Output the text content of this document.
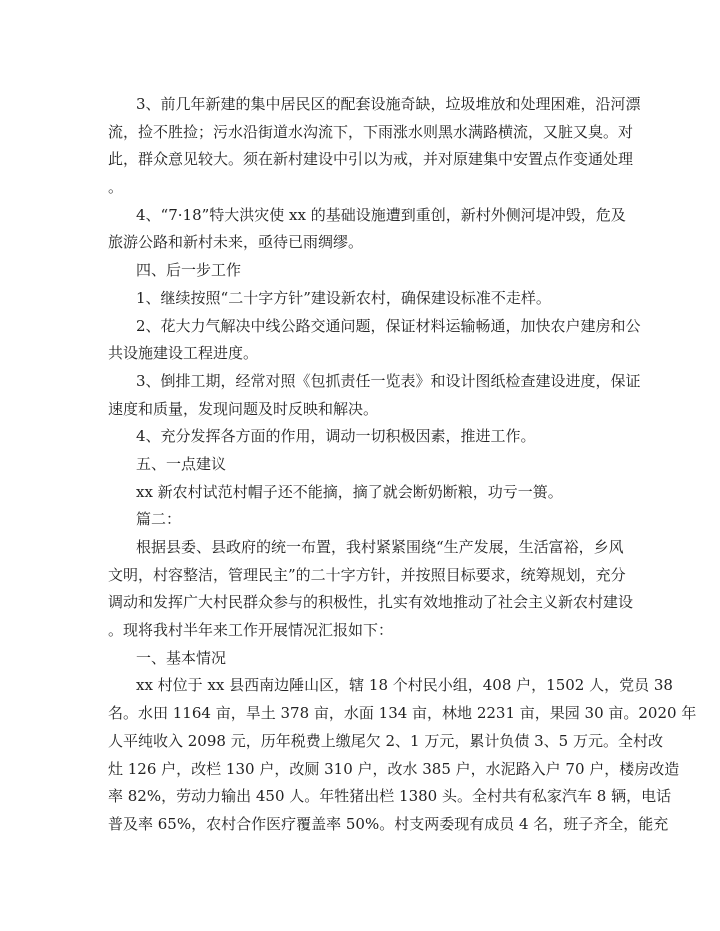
3、前几年新建的集中居民区的配套设施奇缺，垃圾堆放和处理困难，沿河漂
流，捡不胜捡；污水沿街道水沟流下，下雨涨水则黑水满路横流，又脏又臭。对
此，群众意见较大。须在新村建设中引以为戒，并对原建集中安置点作变通处理
。
4、“7·18”特大洪灾使 xx 的基础设施遭到重创，新村外侧河堤冲毁，危及
旅游公路和新村未来，亟待已雨绸缪。
四、后一步工作
1、继续按照“二十字方针”建设新农村，确保建设标准不走样。
2、花大力气解决中线公路交通问题，保证材料运输畅通，加快农户建房和公
共设施建设工程进度。
3、倒排工期，经常对照《包抓责任一览表》和设计图纸检查建设进度，保证
速度和质量，发现问题及时反映和解决。
4、充分发挥各方面的作用，调动一切积极因素，推进工作。
五、一点建议
xx 新农村试范村帽子还不能摘，摘了就会断奶断粮，功亏一篑。
篇二：
根据县委、县政府的统一布置，我村紧紧围绕“生产发展，生活富裕，乡风
文明，村容整洁，管理民主”的二十字方针，并按照目标要求，统筹规划，充分
调动和发挥广大村民群众参与的积极性，扎实有效地推动了社会主义新农村建设
。现将我村半年来工作开展情况汇报如下：
一、基本情况
xx 村位于 xx 县西南边陲山区，辖 18 个村民小组，408 户，1502 人，党员 38
名。水田 1164 亩，旱土 378 亩，水面 134 亩，林地 2231 亩，果园 30 亩。2020 年
人平纯收入 2098 元，历年税费上缴尾欠 2、1 万元，累计负债 3、5 万元。全村改
灶 126 户，改栏 130 户，改厕 310 户，改水 385 户，水泥路入户 70 户，楼房改造
率 82%，劳动力输出 450 人。年牲猪出栏 1380 头。全村共有私家汽车 8 辆，电话
普及率 65%，农村合作医疗覆盖率 50%。村支两委现有成员 4 名，班子齐全，能充
